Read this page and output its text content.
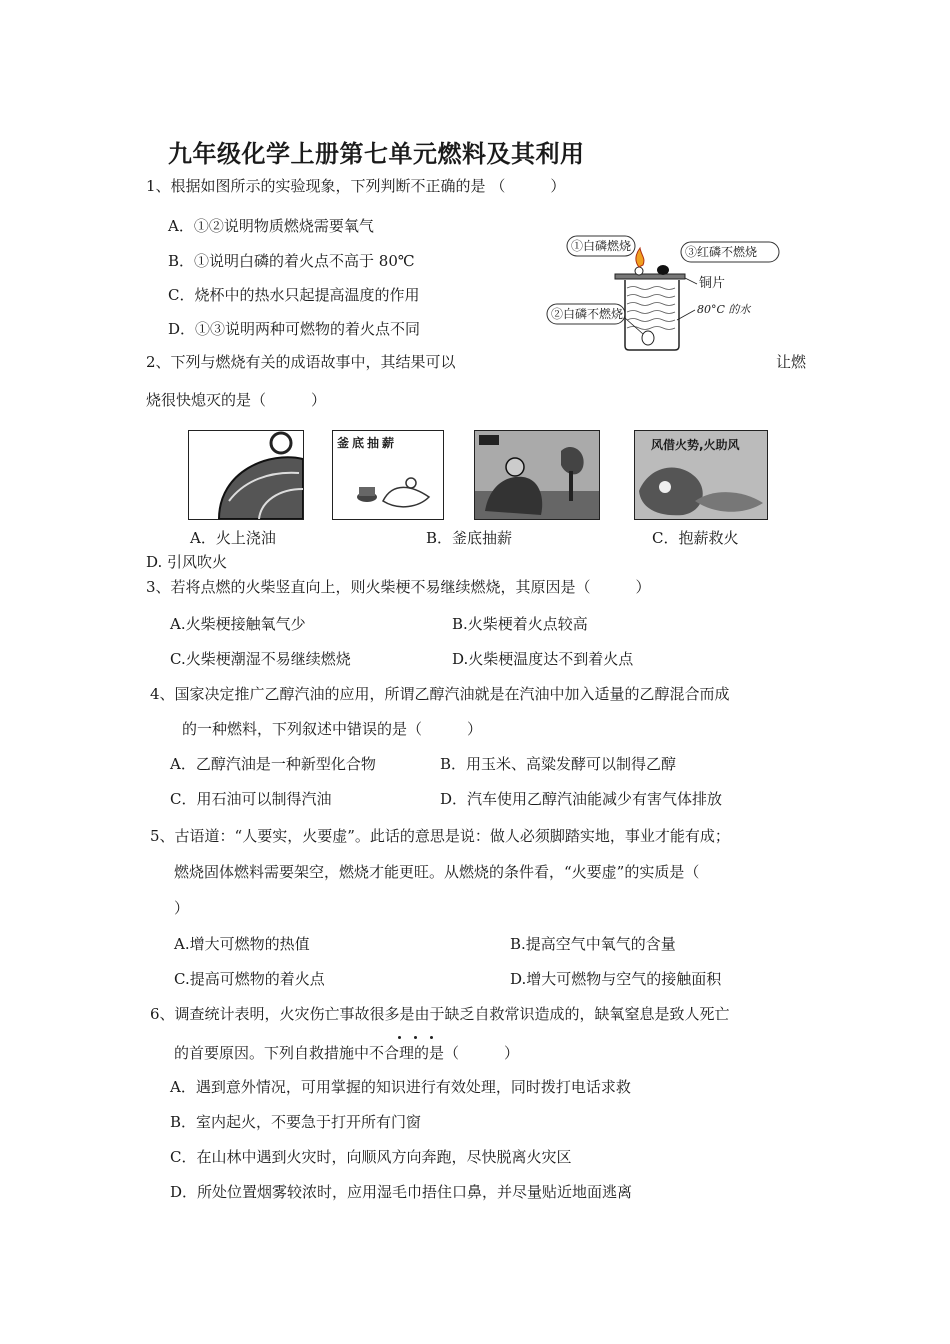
九年级化学上册第七单元燃料及其利用
1、根据如图所示的实验现象，下列判断不正确的是 （　　　）
A．①②说明物质燃烧需要氧气
B．①说明白磷的着火点不高于 80℃
C．烧杯中的热水只起提高温度的作用
D．①③说明两种可燃物的着火点不同
①白磷燃烧	③红磷不燃烧
铜片
②白磷不燃烧	80°C 的水
2、下列与燃烧有关的成语故事中，其结果可以	让燃
烧很快熄灭的是（　　　）
釜底抽薪	风借火势,火助风
A．火上浇油	B．釜底抽薪	C．抱薪救火
D. 引风吹火
3、若将点燃的火柴竖直向上，则火柴梗不易继续燃烧，其原因是（　　　）
A.火柴梗接触氧气少	B.火柴梗着火点较高
C.火柴梗潮湿不易继续燃烧	D.火柴梗温度达不到着火点
4、国家决定推广乙醇汽油的应用，所谓乙醇汽油就是在汽油中加入适量的乙醇混合而成
的一种燃料，下列叙述中错误的是（　　　）
A．乙醇汽油是一种新型化合物	B．用玉米、高粱发酵可以制得乙醇
C．用石油可以制得汽油	D．汽车使用乙醇汽油能减少有害气体排放
5、古语道：“人要实，火要虚”。此话的意思是说：做人必须脚踏实地，事业才能有成；
燃烧固体燃料需要架空，燃烧才能更旺。从燃烧的条件看，“火要虚”的实质是（
）
A.增大可燃物的热值	B.提高空气中氧气的含量
C.提高可燃物的着火点	D.增大可燃物与空气的接触面积
6、调查统计表明，火灾伤亡事故很多是由于缺乏自救常识造成的，缺氧窒息是致人死亡
的首要原因。下列自救措施中不合理的是（　　　）
A．遇到意外情况，可用掌握的知识进行有效处理，同时拨打电话求救
B．室内起火，不要急于打开所有门窗
C．在山林中遇到火灾时，向顺风方向奔跑，尽快脱离火灾区
D．所处位置烟雾较浓时，应用湿毛巾捂住口鼻，并尽量贴近地面逃离
